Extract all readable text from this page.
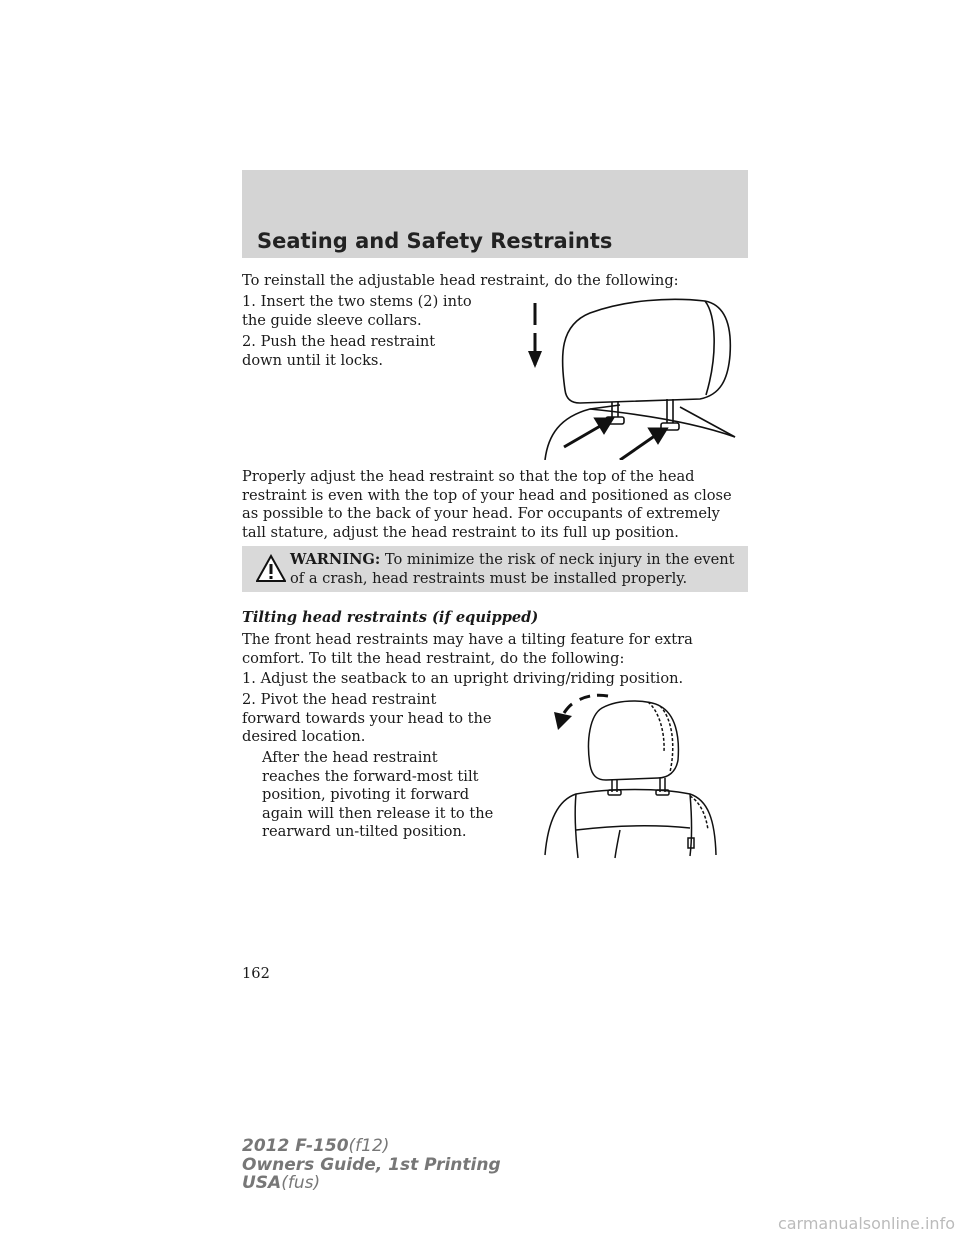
Seating and Safety Restraints

To reinstall the adjustable head restraint, do the following:

1. Insert the two stems (2) into the guide sleeve collars.

2. Push the head restraint down until it locks.

Properly adjust the head restraint so that the top of the head restraint is even with the top of your head and positioned as close as possible to the back of your head. For occupants of extremely tall stature, adjust the head restraint to its full up position.

WARNING: To minimize the risk of neck injury in the event of a crash, head restraints must be installed properly.

Tilting head restraints (if equipped)

The front head restraints may have a tilting feature for extra comfort. To tilt the head restraint, do the following:

1. Adjust the seatback to an upright driving/riding position.

2. Pivot the head restraint forward towards your head to the desired location.

After the head restraint reaches the forward-most tilt position, pivoting it forward again will then release it to the rearward un-tilted position.

162

2012 F-150(f12)
Owners Guide, 1st Printing
USA(fus)
carmanualsonline.info
